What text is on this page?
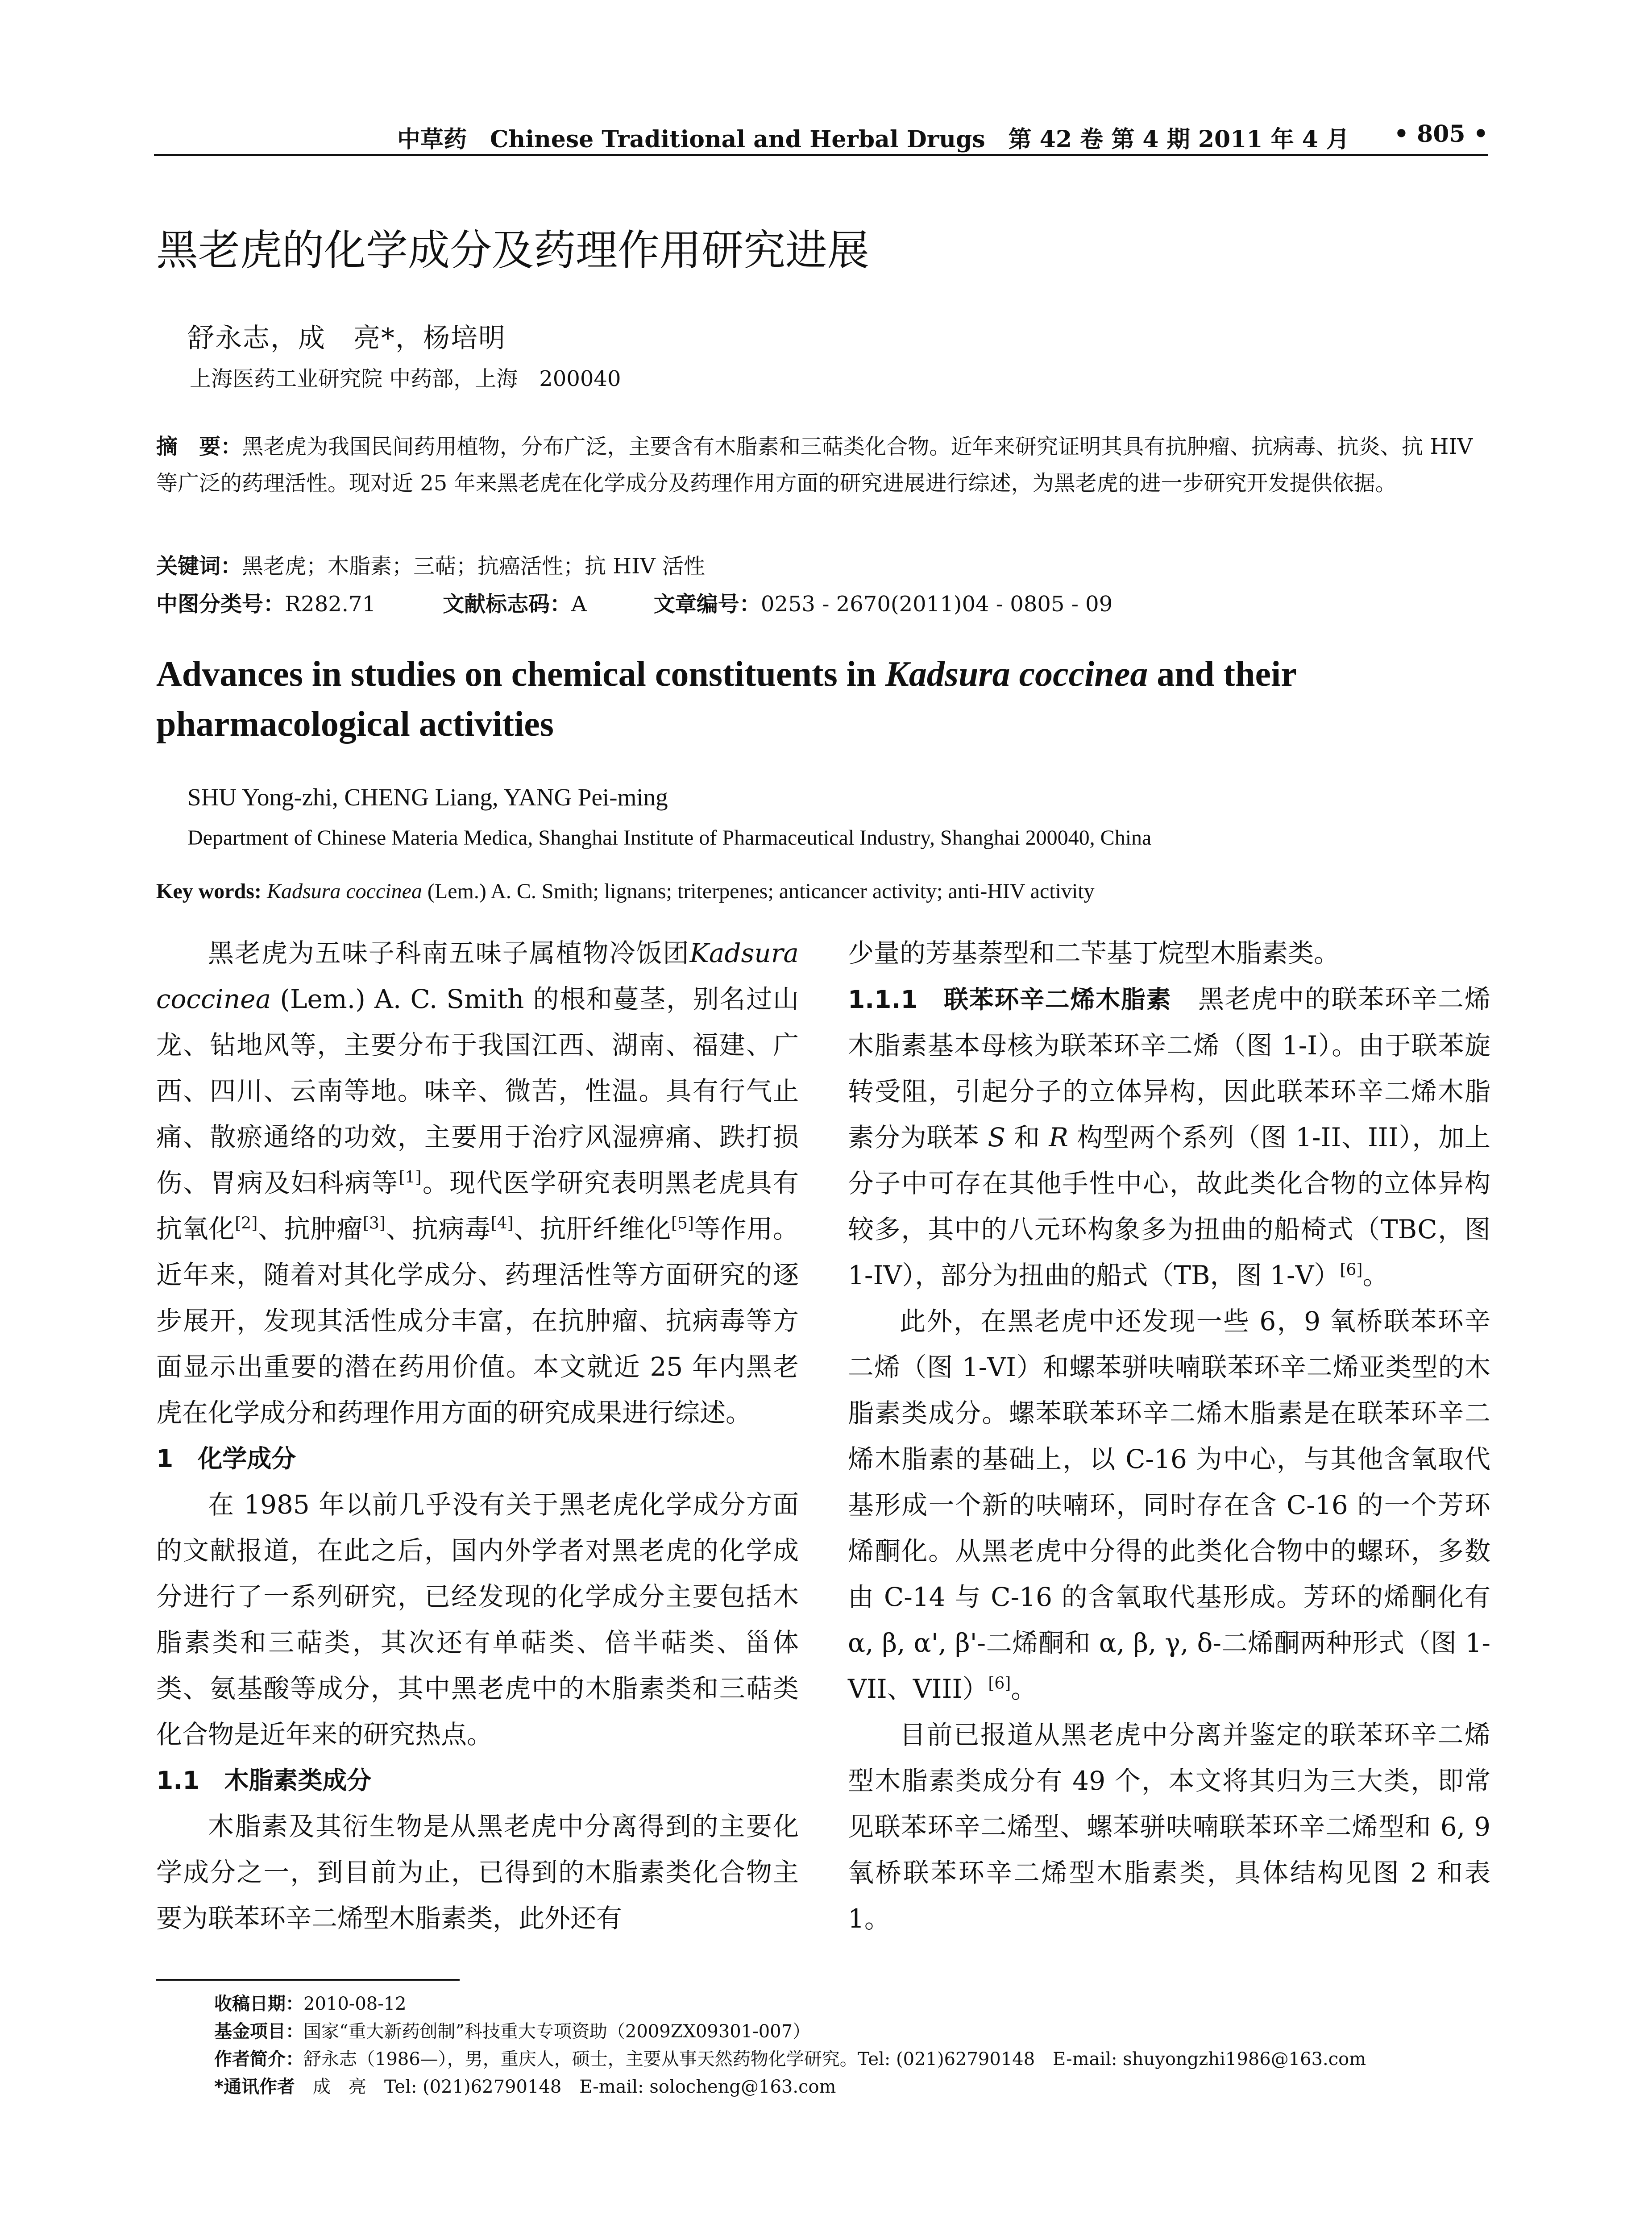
中草药　Chinese Traditional and Herbal Drugs　第 42 卷 第 4 期 2011 年 4 月 • 805 •
黑老虎的化学成分及药理作用研究进展
舒永志，成　亮*，杨培明
上海医药工业研究院 中药部，上海　200040
摘　要：黑老虎为我国民间药用植物，分布广泛，主要含有木脂素和三萜类化合物。近年来研究证明其具有抗肿瘤、抗病毒、抗炎、抗 HIV 等广泛的药理活性。现对近 25 年来黑老虎在化学成分及药理作用方面的研究进展进行综述，为黑老虎的进一步研究开发提供依据。
关键词：黑老虎；木脂素；三萜；抗癌活性；抗 HIV 活性
中图分类号：R282.71	文献标志码：A	文章编号：0253 - 2670(2011)04 - 0805 - 09
Advances in studies on chemical constituents in Kadsura coccinea and their pharmacological activities
SHU Yong-zhi, CHENG Liang, YANG Pei-ming
Department of Chinese Materia Medica, Shanghai Institute of Pharmaceutical Industry, Shanghai 200040, China
Key words: Kadsura coccinea (Lem.) A. C. Smith; lignans; triterpenes; anticancer activity; anti-HIV activity

黑老虎为五味子科南五味子属植物冷饭团Kadsura coccinea (Lem.) A. C. Smith 的根和蔓茎，别名过山龙、钻地风等，主要分布于我国江西、湖南、福建、广西、四川、云南等地。味辛、微苦，性温。具有行气止痛、散瘀通络的功效，主要用于治疗风湿痹痛、跌打损伤、胃病及妇科病等[1]。现代医学研究表明黑老虎具有抗氧化[2]、抗肿瘤[3]、抗病毒[4]、抗肝纤维化[5]等作用。近年来，随着对其化学成分、药理活性等方面研究的逐步展开，发现其活性成分丰富，在抗肿瘤、抗病毒等方面显示出重要的潜在药用价值。本文就近 25 年内黑老虎在化学成分和药理作用方面的研究成果进行综述。

1　化学成分

在 1985 年以前几乎没有关于黑老虎化学成分方面的文献报道，在此之后，国内外学者对黑老虎的化学成分进行了一系列研究，已经发现的化学成分主要包括木脂素类和三萜类，其次还有单萜类、倍半萜类、甾体类、氨基酸等成分，其中黑老虎中的木脂素类和三萜类化合物是近年来的研究热点。

1.1　木脂素类成分

木脂素及其衍生物是从黑老虎中分离得到的主要化学成分之一，到目前为止，已得到的木脂素类化合物主要为联苯环辛二烯型木脂素类，此外还有

少量的芳基萘型和二苄基丁烷型木脂素类。

1.1.1　联苯环辛二烯木脂素　黑老虎中的联苯环辛二烯木脂素基本母核为联苯环辛二烯（图 1-I）。由于联苯旋转受阻，引起分子的立体异构，因此联苯环辛二烯木脂素分为联苯 S 和 R 构型两个系列（图 1-II、III），加上分子中可存在其他手性中心，故此类化合物的立体异构较多，其中的八元环构象多为扭曲的船椅式（TBC，图 1-IV），部分为扭曲的船式（TB，图 1-V）[6]。

此外，在黑老虎中还发现一些 6，9 氧桥联苯环辛二烯（图 1-VI）和螺苯骈呋喃联苯环辛二烯亚类型的木脂素类成分。螺苯联苯环辛二烯木脂素是在联苯环辛二烯木脂素的基础上，以 C-16 为中心，与其他含氧取代基形成一个新的呋喃环，同时存在含 C-16 的一个芳环烯酮化。从黑老虎中分得的此类化合物中的螺环，多数由 C-14 与 C-16 的含氧取代基形成。芳环的烯酮化有 α, β, α', β'-二烯酮和 α, β, γ, δ-二烯酮两种形式（图 1-VII、VIII）[6]。

目前已报道从黑老虎中分离并鉴定的联苯环辛二烯型木脂素类成分有 49 个，本文将其归为三大类，即常见联苯环辛二烯型、螺苯骈呋喃联苯环辛二烯型和 6, 9 氧桥联苯环辛二烯型木脂素类，具体结构见图 2 和表 1。

收稿日期：2010-08-12
基金项目：国家“重大新药创制”科技重大专项资助（2009ZX09301-007）
作者简介：舒永志（1986—），男，重庆人，硕士，主要从事天然药物化学研究。Tel: (021)62790148　E-mail: shuyongzhi1986@163.com
*通讯作者　成　亮　Tel: (021)62790148　E-mail: solocheng@163.com
